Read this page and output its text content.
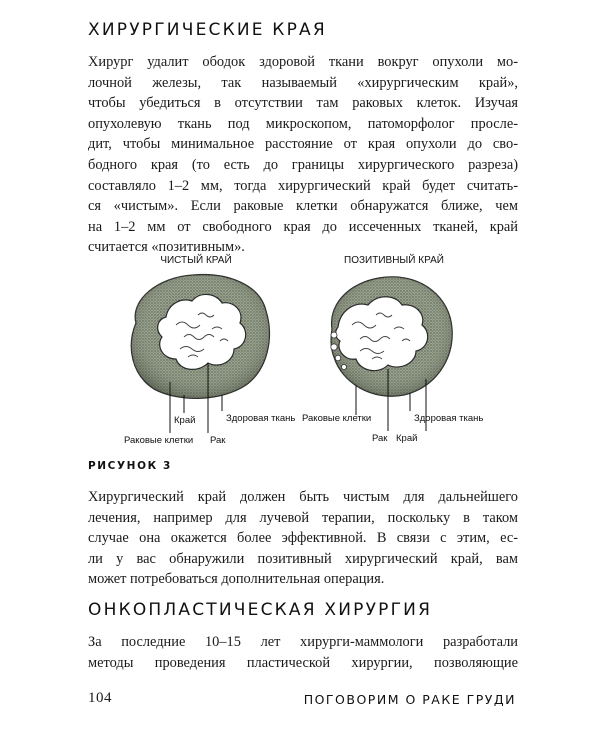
ХИРУРГИЧЕСКИЕ КРАЯ
Хирург удалит ободок здоровой ткани вокруг опухоли мо-
лочной железы, так называемый «хирургическим край»,
чтобы убедиться в отсутствии там раковых клеток. Изучая
опухолевую ткань под микроскопом, патоморфолог прослe-
дит, чтобы минимальное расстояние от края опухоли до сво-
бодного края (то есть до границы хирургического разреза)
составляло 1–2 мм, тогда хирургический край будет считать-
ся «чистым». Если раковые клетки обнаружатся ближе, чем
на 1–2 мм от свободного края до иссеченных тканей, край
считается «позитивным».
ЧИСТЫЙ КРАЙ	ПОЗИТИВНЫЙ КРАЙ
Край	Здоровая ткань
Раковые клетки Рак
Раковые клетки	Здоровая ткань
Рак Край
РИСУНОК 3
Хирургический край должен быть чистым для дальнейшего
лечения, например для лучевой терапии, поскольку в таком
случае она окажется более эффективной. В связи с этим, ес-
ли у вас обнаружили позитивный хирургический край, вам
может потребоваться дополнительная операция.
ОНКОПЛАСТИЧЕСКАЯ ХИРУРГИЯ
За последние 10–15 лет хирурги-маммологи разработали
методы проведения пластической хирургии, позволяющие
104	ПОГОВОРИМ О РАКЕ ГРУДИ
